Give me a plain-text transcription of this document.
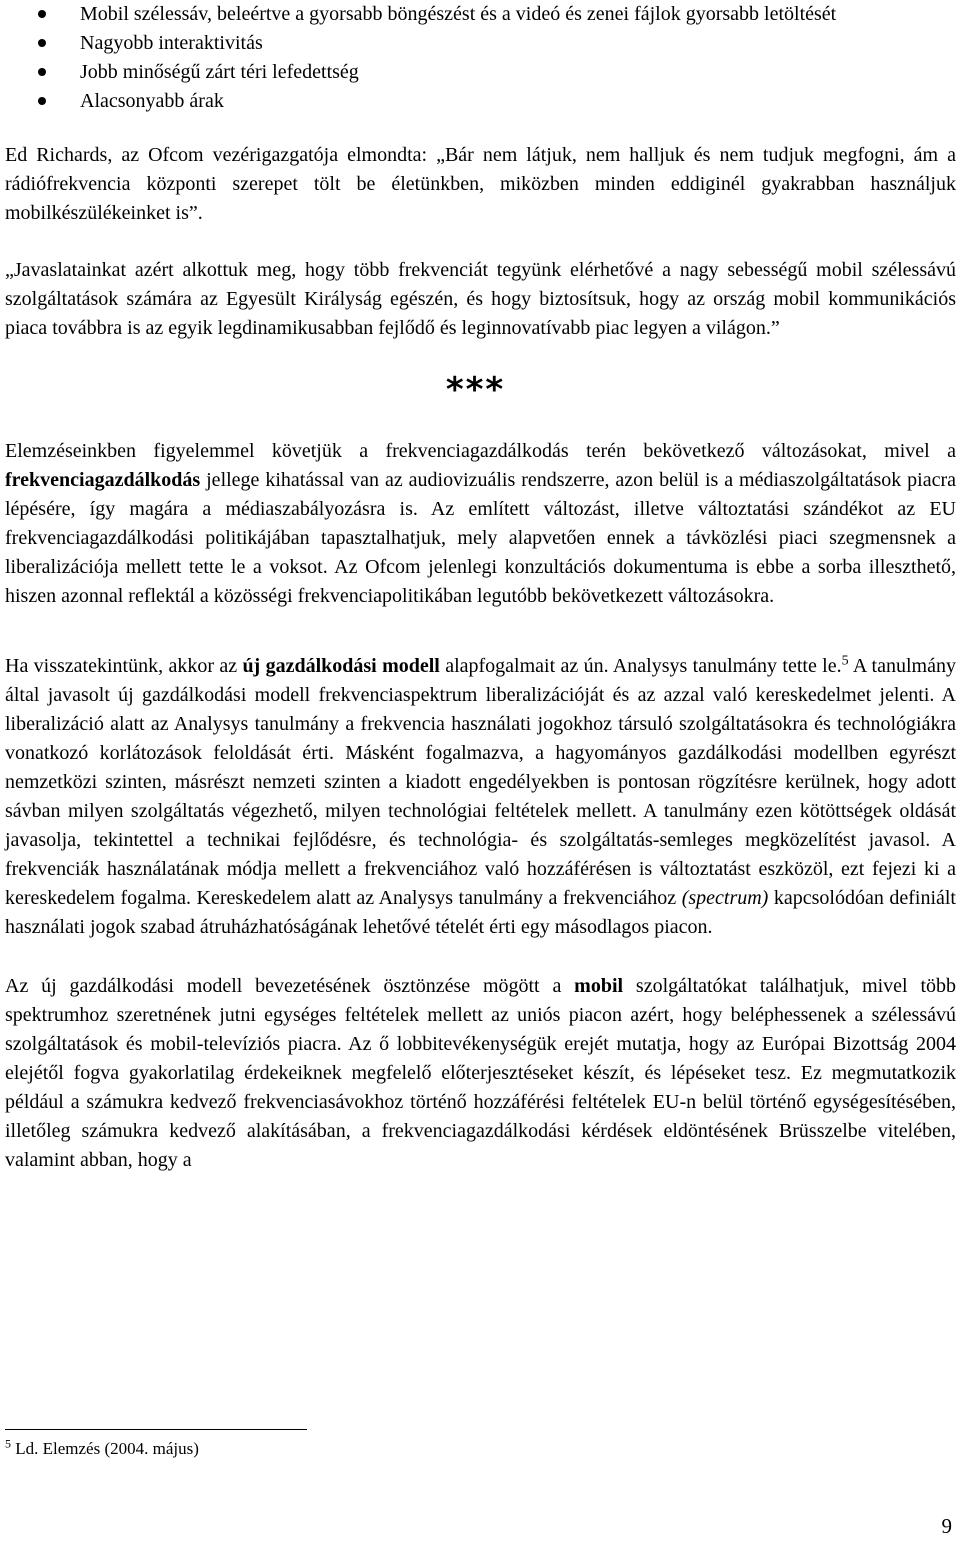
Mobil szélessáv, beleértve a gyorsabb böngészést és a videó és zenei fájlok gyorsabb letöltését
Nagyobb interaktivitás
Jobb minőségű zárt téri lefedettség
Alacsonyabb árak

Ed Richards, az Ofcom vezérigazgatója elmondta: „Bár nem látjuk, nem halljuk és nem tudjuk megfogni, ám a rádiófrekvencia központi szerepet tölt be életünkben, miközben minden eddiginél gyakrabban használjuk mobilkészülékeinket is”.

„Javaslatainkat azért alkottuk meg, hogy több frekvenciát tegyünk elérhetővé a nagy sebességű mobil szélessávú szolgáltatások számára az Egyesült Királyság egészén, és hogy biztosítsuk, hogy az ország mobil kommunikációs piaca továbbra is az egyik legdinamikusabban fejlődő és leginnovatívabb piac legyen a világon.”

***

Elemzéseinkben figyelemmel követjük a frekvenciagazdálkodás terén bekövetkező változásokat, mivel a frekvenciagazdálkodás jellege kihatással van az audiovizuális rendszerre, azon belül is a médiaszolgáltatások piacra lépésére, így magára a médiaszabályozásra is. Az említett változást, illetve változtatási szándékot az EU frekvenciagazdálkodási politikájában tapasztalhatjuk, mely alapvetően ennek a távközlési piaci szegmensnek a liberalizációja mellett tette le a voksot. Az Ofcom jelenlegi konzultációs dokumentuma is ebbe a sorba illeszthető, hiszen azonnal reflektál a közösségi frekvenciapolitikában legutóbb bekövetkezett változásokra.

Ha visszatekintünk, akkor az új gazdálkodási modell alapfogalmait az ún. Analysys tanulmány tette le.$^5$ A tanulmány által javasolt új gazdálkodási modell frekvenciaspektrum liberalizációját és az azzal való kereskedelmet jelenti. A liberalizáció alatt az Analysys tanulmány a frekvencia használati jogokhoz társuló szolgáltatásokra és technológiákra vonatkozó korlátozások feloldását érti. Másként fogalmazva, a hagyományos gazdálkodási modellben egyrészt nemzetközi szinten, másrészt nemzeti szinten a kiadott engedélyekben is pontosan rögzítésre kerülnek, hogy adott sávban milyen szolgáltatás végezhető, milyen technológiai feltételek mellett. A tanulmány ezen kötöttségek oldását javasolja, tekintettel a technikai fejlődésre, és technológia- és szolgáltatás-semleges megközelítést javasol. A frekvenciák használatának módja mellett a frekvenciához való hozzáférésen is változtatást eszközöl, ezt fejezi ki a kereskedelem fogalma. Kereskedelem alatt az Analysys tanulmány a frekvenciához (spectrum) kapcsolódóan definiált használati jogok szabad átruházhatóságának lehetővé tételét érti egy másodlagos piacon.

Az új gazdálkodási modell bevezetésének ösztönzése mögött a mobil szolgáltatókat találhatjuk, mivel több spektrumhoz szeretnének jutni egységes feltételek mellett az uniós piacon azért, hogy beléphessenek a szélessávú szolgáltatások és mobil-televíziós piacra. Az ő lobbitevékenységük erejét mutatja, hogy az Európai Bizottság 2004 elejétől fogva gyakorlatilag érdekeiknek megfelelő előterjesztéseket készít, és lépéseket tesz. Ez megmutatkozik például a számukra kedvező frekvenciasávokhoz történő hozzáférési feltételek EU-n belül történő egységesítésében, illetőleg számukra kedvező alakításában, a frekvenciagazdálkodási kérdések eldöntésének Brüsszelbe vitelében, valamint abban, hogy a

$^5$ Ld. Elemzés (2004. május)
9
